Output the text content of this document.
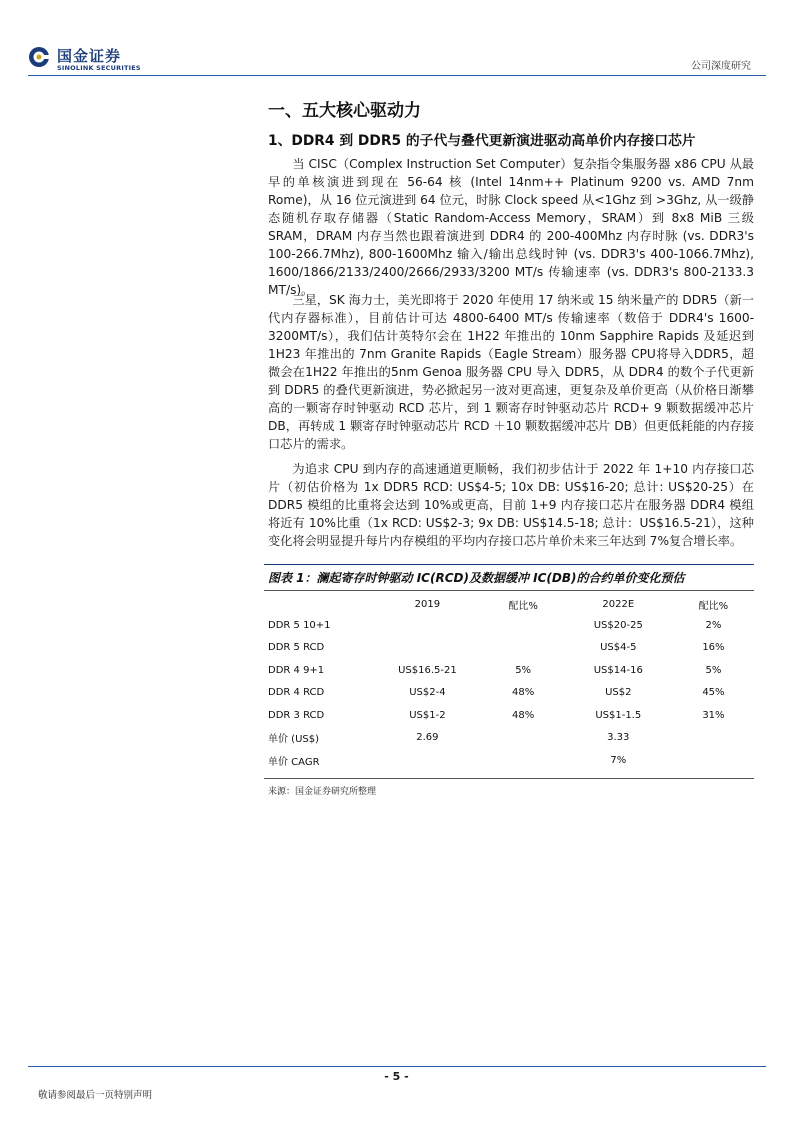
国金证券
SINOLINK SECURITIES	公司深度研究
一、五大核心驱动力
1、DDR4 到 DDR5 的子代与叠代更新演进驱动高单价内存接口芯片

当 CISC（Complex Instruction Set Computer）复杂指令集服务器 x86 CPU 从最早的单核演进到现在 56-64 核 (Intel 14nm++ Platinum 9200 vs. AMD 7nm Rome)，从 16 位元演进到 64 位元，时脉 Clock speed 从<1Ghz 到 >3Ghz, 从一级静态随机存取存储器（Static Random-Access Memory，SRAM）到 8x8 MiB 三级 SRAM，DRAM 内存当然也跟着演进到 DDR4 的 200-400Mhz 内存时脉 (vs. DDR3's 100-266.7Mhz), 800-1600Mhz 输入/输出总线时钟 (vs. DDR3's 400-1066.7Mhz), 1600/1866/2133/2400/2666/2933/3200 MT/s 传输速率 (vs. DDR3's 800-2133.3 MT/s)。

三星，SK 海力士，美光即将于 2020 年使用 17 纳米或 15 纳米量产的 DDR5（新一代内存器标准），目前估计可达 4800-6400 MT/s 传输速率（数倍于 DDR4's 1600-3200MT/s），我们估计英特尔会在 1H22 年推出的 10nm Sapphire Rapids 及延迟到 1H23 年推出的 7nm Granite Rapids（Eagle Stream）服务器 CPU将导入DDR5，超微会在1H22 年推出的5nm Genoa 服务器 CPU 导入 DDR5，从 DDR4 的数个子代更新到 DDR5 的叠代更新演进，势必掀起另一波对更高速，更复杂及单价更高（从价格日渐攀高的一颗寄存时钟驱动 RCD 芯片，到 1 颗寄存时钟驱动芯片 RCD+ 9 颗数据缓冲芯片 DB，再转成 1 颗寄存时钟驱动芯片 RCD ＋10 颗数据缓冲芯片 DB）但更低耗能的内存接口芯片的需求。

为追求 CPU 到内存的高速通道更顺畅，我们初步估计于 2022 年 1+10 内存接口芯片（初估价格为 1x DDR5 RCD: US$4-5; 10x DB: US$16-20; 总计: US$20-25）在 DDR5 模组的比重将会达到 10%或更高，目前 1+9 内存接口芯片在服务器 DDR4 模组将近有 10%比重（1x RCD: US$2-3; 9x DB: US$14.5-18; 总计：US$16.5-21），这种变化将会明显提升每片内存模组的平均内存接口芯片单价未来三年达到 7%复合增长率。

图表 1：澜起寄存时钟驱动 IC(RCD)及数据缓冲 IC(DB)的合约单价变化预估
	2019	配比%	2022E	配比%
DDR 5 10+1			US$20-25	2%
DDR 5 RCD			US$4-5	16%
DDR 4 9+1	US$16.5-21	5%	US$14-16	5%
DDR 4 RCD	US$2-4	48%	US$2	45%
DDR 3 RCD	US$1-2	48%	US$1-1.5	31%
单价 (US$)	2.69		3.33	
单价 CAGR			7%	
来源：国金证券研究所整理
- 5 -
敬请参阅最后一页特别声明
